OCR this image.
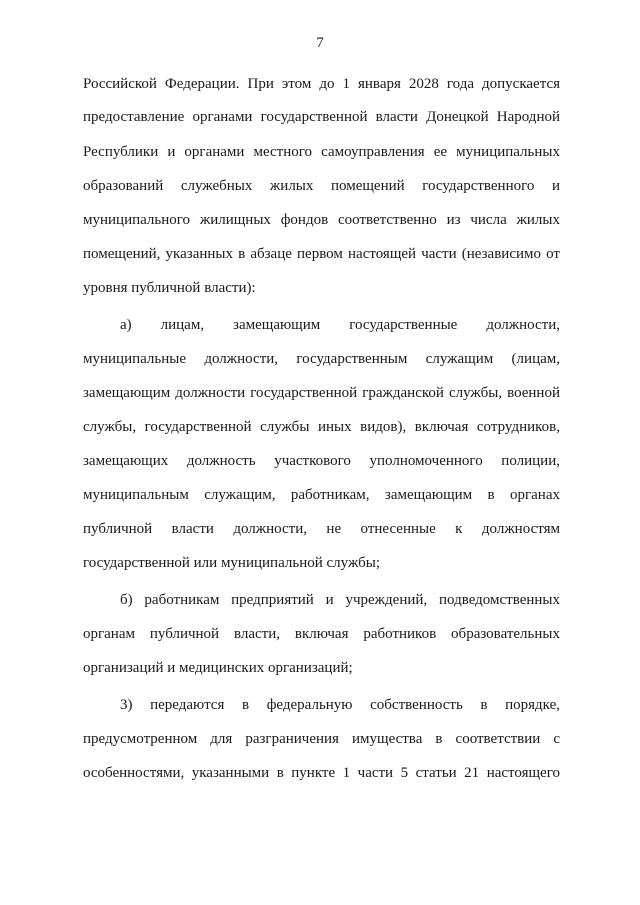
7
Российской Федерации. При этом до 1 января 2028 года допускается
предоставление органами государственной власти Донецкой Народной
Республики и органами местного самоуправления ее муниципальных
образований служебных жилых помещений государственного и
муниципального жилищных фондов соответственно из числа жилых
помещений, указанных в абзаце первом настоящей части (независимо от
уровня публичной власти):
а) лицам, замещающим государственные должности,
муниципальные должности, государственным служащим (лицам,
замещающим должности государственной гражданской службы, военной
службы, государственной службы иных видов), включая сотрудников,
замещающих должность участкового уполномоченного полиции,
муниципальным служащим, работникам, замещающим в органах
публичной власти должности, не отнесенные к должностям
государственной или муниципальной службы;
б) работникам предприятий и учреждений, подведомственных
органам публичной власти, включая работников образовательных
организаций и медицинских организаций;
3) передаются в федеральную собственность в порядке,
предусмотренном для разграничения имущества в соответствии с
особенностями, указанными в пункте 1 части 5 статьи 21 настоящего
